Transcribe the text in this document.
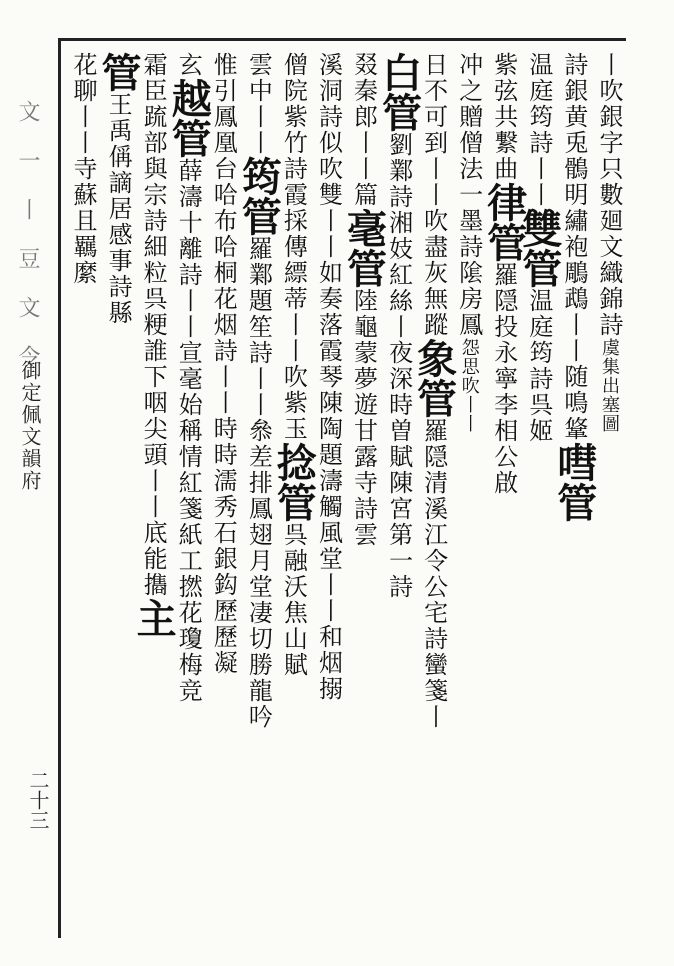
文 一 丨 豆 文 令
御定佩文韻府
二十三
丨吹銀字只數廻文織錦詩虞集出塞圖
詩銀黄兎鶻明繡袍鵰鵡丨丨随鳴䩦嘒管
温庭筠詩丨丨雙管温庭筠詩呉姬
紫弦共繋曲律管羅隠投永寧李相公啟
冲之贈僧法一墨詩隂房鳳怨思吹丨丨
日不可到丨丨吹盡灰無蹤象管羅隠清溪江令公宅詩蠻箋丨
白管劉鄴詩湘妓紅絲丨夜深時曽賦陳宮第一詩
叕秦郎丨丨篇毫管陸龜蒙夢遊甘露寺詩雲
溪洞詩似吹雙丨丨如奏落霞琴陳陶題濤觸風堂丨丨和烟搦
僧院紫竹詩霞採傳縹蒂丨丨吹紫玉捻管呉融沃焦山賦
雲中丨丨筠管羅鄴題笙詩丨丨叅差排鳳翅月堂凄切勝龍吟
惟引鳳凰台哈布哈桐花烟詩丨丨時時濡秀石銀鈎歷歷凝
玄越管薛濤十離詩丨丨宣毫始稱情紅箋紙工撚花瓊梅竞
霜臣䟽部與宗詩細粒呉粳誰下咽尖頭丨丨底能㩦主
管王禹偁謫居感事詩縣
花聊丨丨寺蘇且羈縻
